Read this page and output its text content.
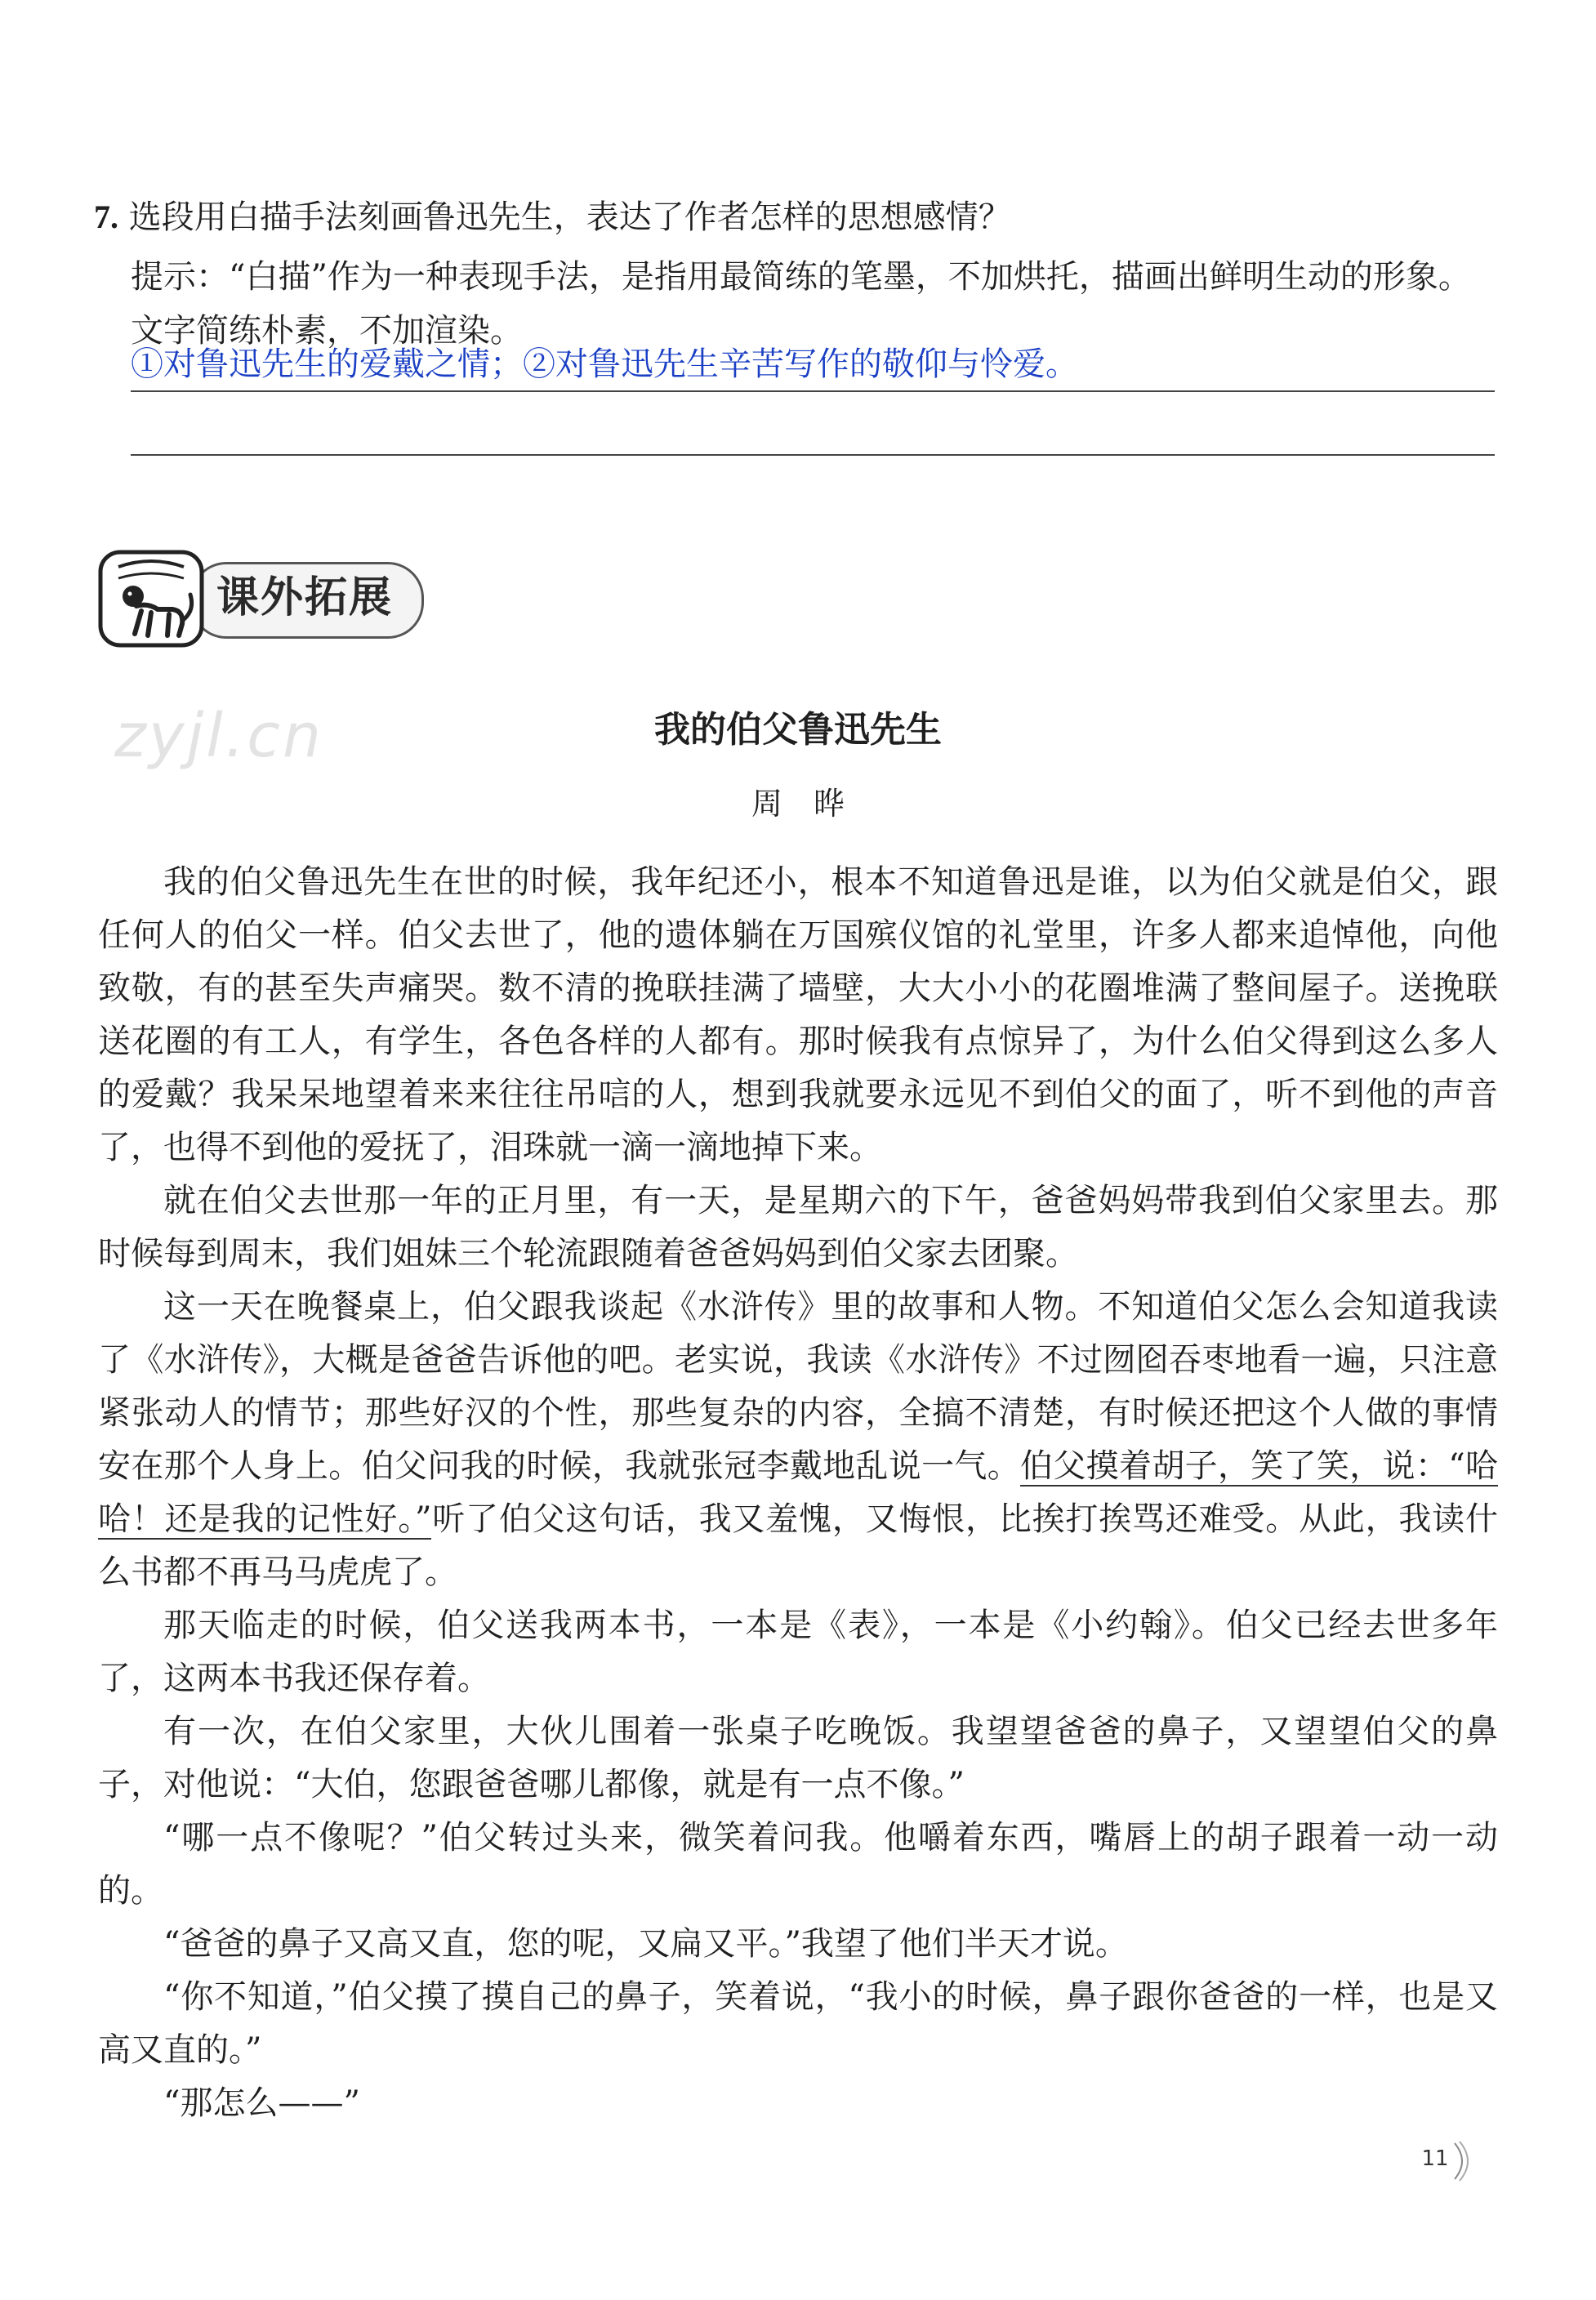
7. 选段用白描手法刻画鲁迅先生，表达了作者怎样的思想感情？
提示：“白描”作为一种表现手法，是指用最简练的笔墨，不加烘托，描画出鲜明生动的形象。文字简练朴素，不加渲染。
①对鲁迅先生的爱戴之情；②对鲁迅先生辛苦写作的敬仰与怜爱。
课外拓展
zyjl.cn	我的伯父鲁迅先生
周　晔

我的伯父鲁迅先生在世的时候，我年纪还小，根本不知道鲁迅是谁，以为伯父就是伯父，跟任何人的伯父一样。伯父去世了，他的遗体躺在万国殡仪馆的礼堂里，许多人都来追悼他，向他致敬，有的甚至失声痛哭。数不清的挽联挂满了墙壁，大大小小的花圈堆满了整间屋子。送挽联送花圈的有工人，有学生，各色各样的人都有。那时候我有点惊异了，为什么伯父得到这么多人的爱戴？我呆呆地望着来来往往吊唁的人，想到我就要永远见不到伯父的面了，听不到他的声音了，也得不到他的爱抚了，泪珠就一滴一滴地掉下来。

就在伯父去世那一年的正月里，有一天，是星期六的下午，爸爸妈妈带我到伯父家里去。那时候每到周末，我们姐妹三个轮流跟随着爸爸妈妈到伯父家去团聚。

这一天在晚餐桌上，伯父跟我谈起《水浒传》里的故事和人物。不知道伯父怎么会知道我读了《水浒传》，大概是爸爸告诉他的吧。老实说，我读《水浒传》不过囫囵吞枣地看一遍，只注意紧张动人的情节；那些好汉的个性，那些复杂的内容，全搞不清楚，有时候还把这个人做的事情安在那个人身上。伯父问我的时候，我就张冠李戴地乱说一气。伯父摸着胡子，笑了笑，说：“哈哈！还是我的记性好。”听了伯父这句话，我又羞愧，又悔恨，比挨打挨骂还难受。从此，我读什么书都不再马马虎虎了。

那天临走的时候，伯父送我两本书，一本是《表》，一本是《小约翰》。伯父已经去世多年了，这两本书我还保存着。

有一次，在伯父家里，大伙儿围着一张桌子吃晚饭。我望望爸爸的鼻子，又望望伯父的鼻子，对他说：“大伯，您跟爸爸哪儿都像，就是有一点不像。”

“哪一点不像呢？”伯父转过头来，微笑着问我。他嚼着东西，嘴唇上的胡子跟着一动一动的。

“爸爸的鼻子又高又直，您的呢，又扁又平。”我望了他们半天才说。

“你不知道，”伯父摸了摸自己的鼻子，笑着说，“我小的时候，鼻子跟你爸爸的一样，也是又高又直的。”

“那怎么——”

11
